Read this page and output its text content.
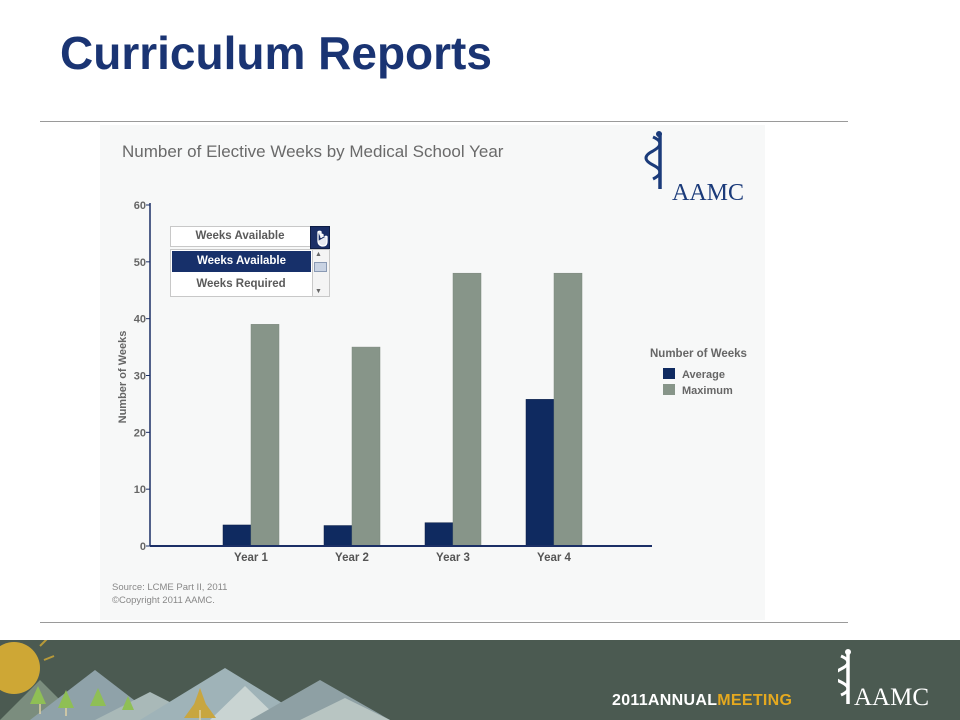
Curriculum Reports
Number of Elective Weeks by Medical School Year
AAMC
0
10
20
30
40
50
60
Year 1	Year 2	Year 3	Year 4
Number of Weeks	Number of Weeks
Average
Maximum
Source: LCME Part II, 2011
©Copyright 2011 AAMC.
Weeks Available
Weeks Available
Weeks Required
▲
▼
2011ANNUALMEETING AAMC
